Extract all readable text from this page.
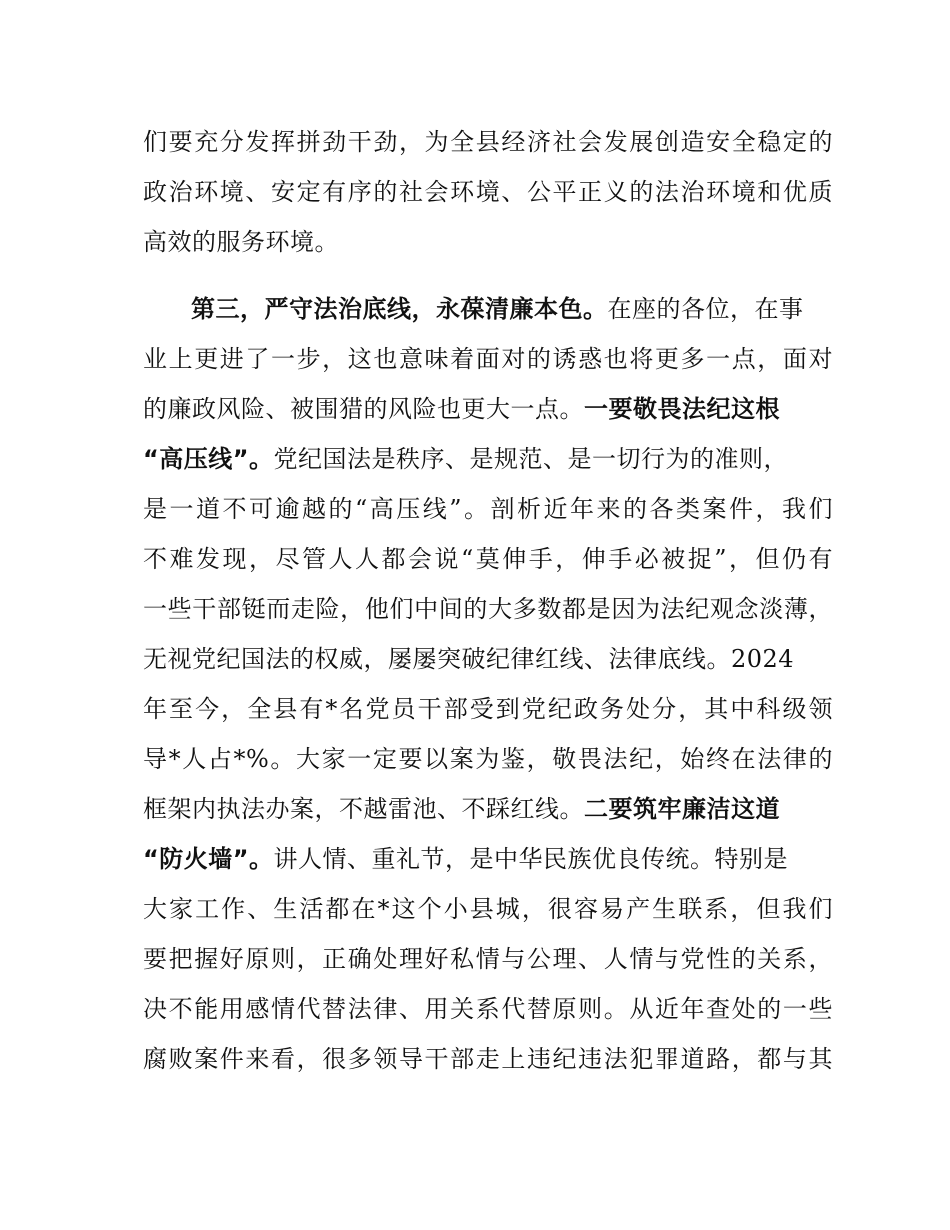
们要充分发挥拼劲干劲，为全县经济社会发展创造安全稳定的
政治环境、安定有序的社会环境、公平正义的法治环境和优质
高效的服务环境。
第三，严守法治底线，永葆清廉本色。在座的各位，在事
业上更进了一步，这也意味着面对的诱惑也将更多一点，面对
的廉政风险、被围猎的风险也更大一点。一要敬畏法纪这根
“高压线”。党纪国法是秩序、是规范、是一切行为的准则，
是一道不可逾越的“高压线”。剖析近年来的各类案件，我们
不难发现，尽管人人都会说“莫伸手，伸手必被捉”，但仍有
一些干部铤而走险，他们中间的大多数都是因为法纪观念淡薄，
无视党纪国法的权威，屡屡突破纪律红线、法律底线。2024
年至今，全县有*名党员干部受到党纪政务处分，其中科级领
导*人占*%。大家一定要以案为鉴，敬畏法纪，始终在法律的
框架内执法办案，不越雷池、不踩红线。二要筑牢廉洁这道
“防火墙”。讲人情、重礼节，是中华民族优良传统。特别是
大家工作、生活都在*这个小县城，很容易产生联系，但我们
要把握好原则，正确处理好私情与公理、人情与党性的关系，
决不能用感情代替法律、用关系代替原则。从近年查处的一些
腐败案件来看，很多领导干部走上违纪违法犯罪道路，都与其
